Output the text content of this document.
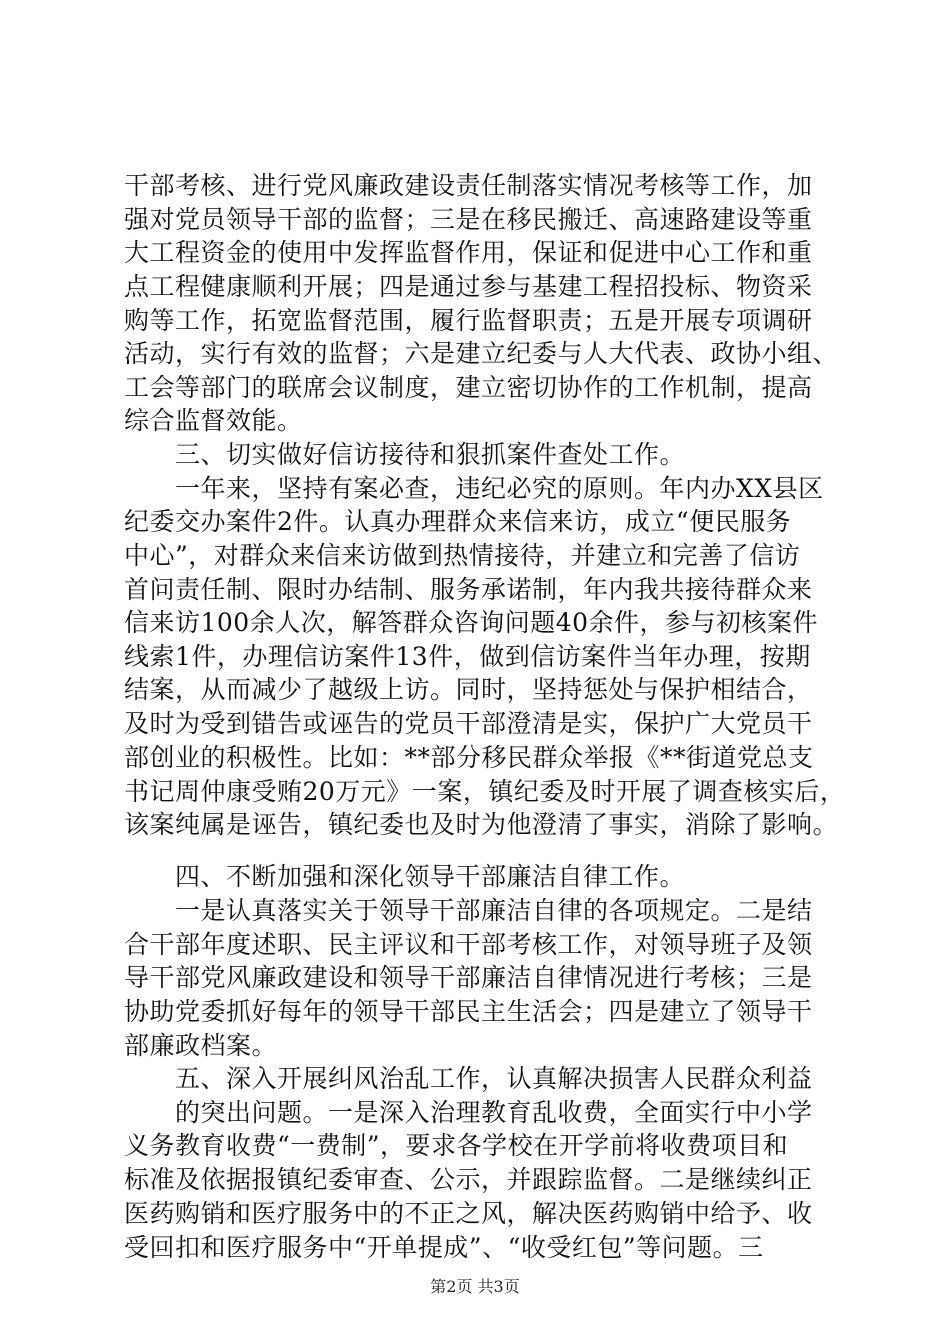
干部考核、进行党风廉政建设责任制落实情况考核等工作，加
强对党员领导干部的监督；三是在移民搬迁、高速路建设等重
大工程资金的使用中发挥监督作用，保证和促进中心工作和重
点工程健康顺利开展；四是通过参与基建工程招投标、物资采
购等工作，拓宽监督范围，履行监督职责；五是开展专项调研
活动，实行有效的监督；六是建立纪委与人大代表、政协小组、
工会等部门的联席会议制度，建立密切协作的工作机制，提高
综合监督效能。
　　三、切实做好信访接待和狠抓案件查处工作。
　　一年来，坚持有案必查，违纪必究的原则。年内办XX县区
纪委交办案件2件。认真办理群众来信来访，成立“便民服务
中心”，对群众来信来访做到热情接待，并建立和完善了信访
首问责任制、限时办结制、服务承诺制，年内我共接待群众来
信来访100余人次，解答群众咨询问题40余件，参与初核案件
线索1件，办理信访案件13件，做到信访案件当年办理，按期
结案，从而减少了越级上访。同时，坚持惩处与保护相结合，
及时为受到错告或诬告的党员干部澄清是实，保护广大党员干
部创业的积极性。比如：**部分移民群众举报《**街道党总支
书记周仲康受贿20万元》一案，镇纪委及时开展了调查核实后，
该案纯属是诬告，镇纪委也及时为他澄清了事实，消除了影响。
　　四、不断加强和深化领导干部廉洁自律工作。
　　一是认真落实关于领导干部廉洁自律的各项规定。二是结
合干部年度述职、民主评议和干部考核工作，对领导班子及领
导干部党风廉政建设和领导干部廉洁自律情况进行考核；三是
协助党委抓好每年的领导干部民主生活会；四是建立了领导干
部廉政档案。
　　五、深入开展纠风治乱工作，认真解决损害人民群众利益
　　的突出问题。一是深入治理教育乱收费，全面实行中小学
义务教育收费“一费制”，要求各学校在开学前将收费项目和
标准及依据报镇纪委审查、公示，并跟踪监督。二是继续纠正
医药购销和医疗服务中的不正之风，解决医药购销中给予、收
受回扣和医疗服务中“开单提成”、“收受红包”等问题。三
第2页 共3页
